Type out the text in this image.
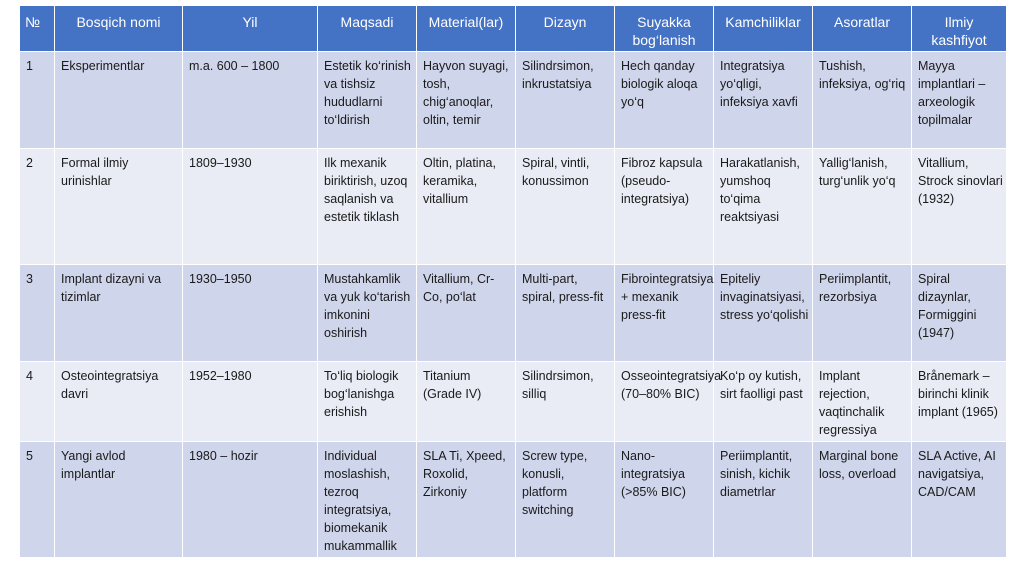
№	Bosqich nomi	Yil	Maqsadi	Material(lar)	Dizayn	Suyakka bog‘lanish	Kamchiliklar	Asoratlar	Ilmiy kashfiyot
1	Eksperimentlar	m.a. 600 – 1800	Estetik ko‘rinish va tishsiz hududlarni to‘ldirish	Hayvon suyagi, tosh, chig‘anoqlar, oltin, temir	Silindrsimon, inkrustatsiya	Hech qanday biologik aloqa yo‘q	Integratsiya yo‘qligi, infeksiya xavfi	Tushish, infeksiya, og‘riq	Mayya implantlari – arxeologik topilmalar
2	Formal ilmiy urinishlar	1809–1930	Ilk mexanik biriktirish, uzoq saqlanish va estetik tiklash	Oltin, platina, keramika, vitallium	Spiral, vintli, konussimon	Fibroz kapsula (pseudo-integratsiya)	Harakatlanish, yumshoq to‘qima reaktsiyasi	Yallig‘lanish, turg‘unlik yo‘q	Vitallium, Strock sinovlari (1932)
3	Implant dizayni va tizimlar	1930–1950	Mustahkamlik va yuk ko‘tarish imkonini oshirish	Vitallium, Cr-Co, po‘lat	Multi-part, spiral, press-fit	Fibrointegratsiya + mexanik press-fit	Epiteliy invaginatsiyasi, stress yo‘qolishi	Periimplantit, rezorbsiya	Spiral dizaynlar, Formiggini (1947)
4	Osteointegratsiya davri	1952–1980	To‘liq biologik bog‘lanishga erishish	Titanium (Grade IV)	Silindrsimon, silliq	Osseointegratsiya (70–80% BIC)	Ko‘p oy kutish, sirt faolligi past	Implant rejection, vaqtinchalik regressiya	Brånemark – birinchi klinik implant (1965)
5	Yangi avlod implantlar	1980 – hozir	Individual moslashish, tezroq integratsiya, biomekanik mukammallik	SLA Ti, Xpeed, Roxolid, Zirkoniy	Screw type, konusli, platform switching	Nano-integratsiya (>85% BIC)	Periimplantit, sinish, kichik diametrlar	Marginal bone loss, overload	SLA Active, AI navigatsiya, CAD/CAM
